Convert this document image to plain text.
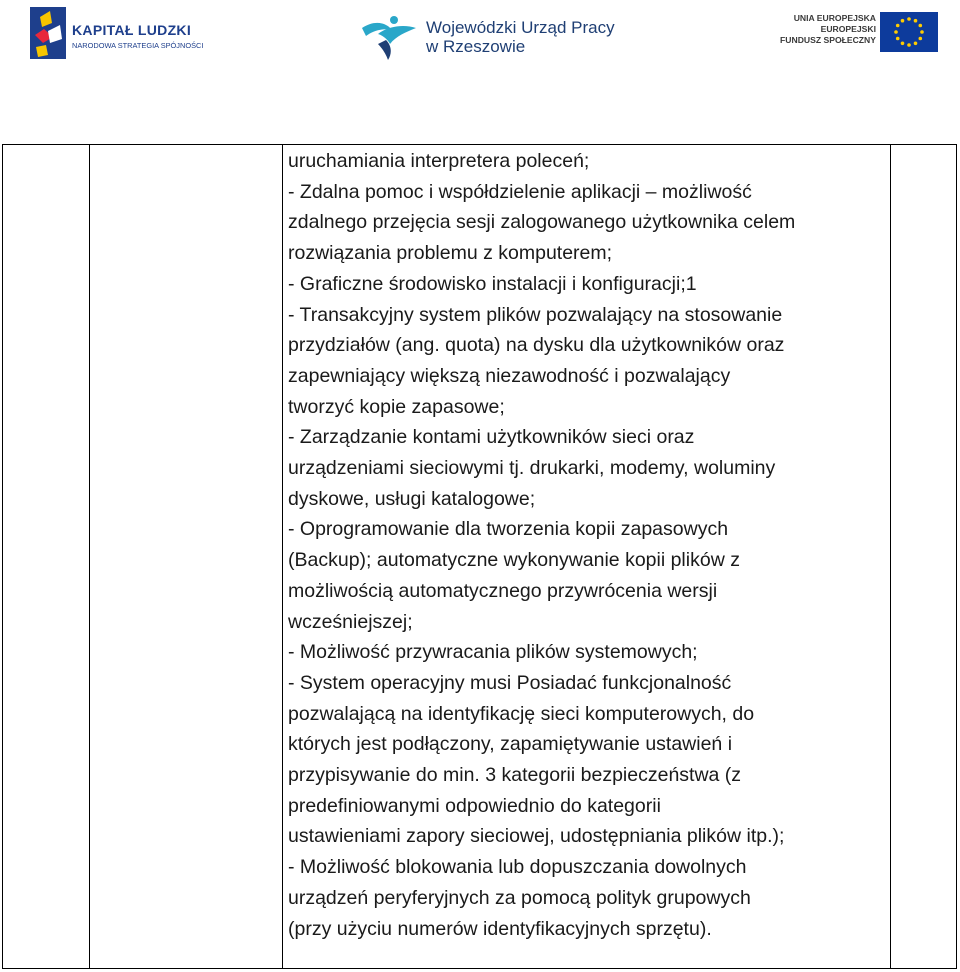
KAPITAŁ LUDZKI
NARODOWA STRATEGIA SPÓJNOŚCI
Wojewódzki Urząd Pracy
w Rzeszowie
UNIA EUROPEJSKA
EUROPEJSKI
FUNDUSZ SPOŁECZNY
uruchamiania interpretera poleceń;
- Zdalna pomoc i współdzielenie aplikacji – możliwość
zdalnego przejęcia sesji zalogowanego użytkownika celem
rozwiązania problemu z komputerem;
- Graficzne środowisko instalacji i konfiguracji;1
- Transakcyjny system plików pozwalający na stosowanie
przydziałów (ang. quota) na dysku dla użytkowników oraz
zapewniający większą niezawodność i pozwalający
tworzyć kopie zapasowe;
- Zarządzanie kontami użytkowników sieci oraz
urządzeniami sieciowymi tj. drukarki, modemy, woluminy
dyskowe, usługi katalogowe;
- Oprogramowanie dla tworzenia kopii zapasowych
(Backup); automatyczne wykonywanie kopii plików z
możliwością automatycznego przywrócenia wersji
wcześniejszej;
- Możliwość przywracania plików systemowych;
- System operacyjny musi Posiadać funkcjonalność
pozwalającą na identyfikację sieci komputerowych, do
których jest podłączony, zapamiętywanie ustawień i
przypisywanie do min. 3 kategorii bezpieczeństwa (z
predefiniowanymi odpowiednio do kategorii
ustawieniami zapory sieciowej, udostępniania plików itp.);
- Możliwość blokowania lub dopuszczania dowolnych
urządzeń peryferyjnych za pomocą polityk grupowych
(przy użyciu numerów identyfikacyjnych sprzętu).
